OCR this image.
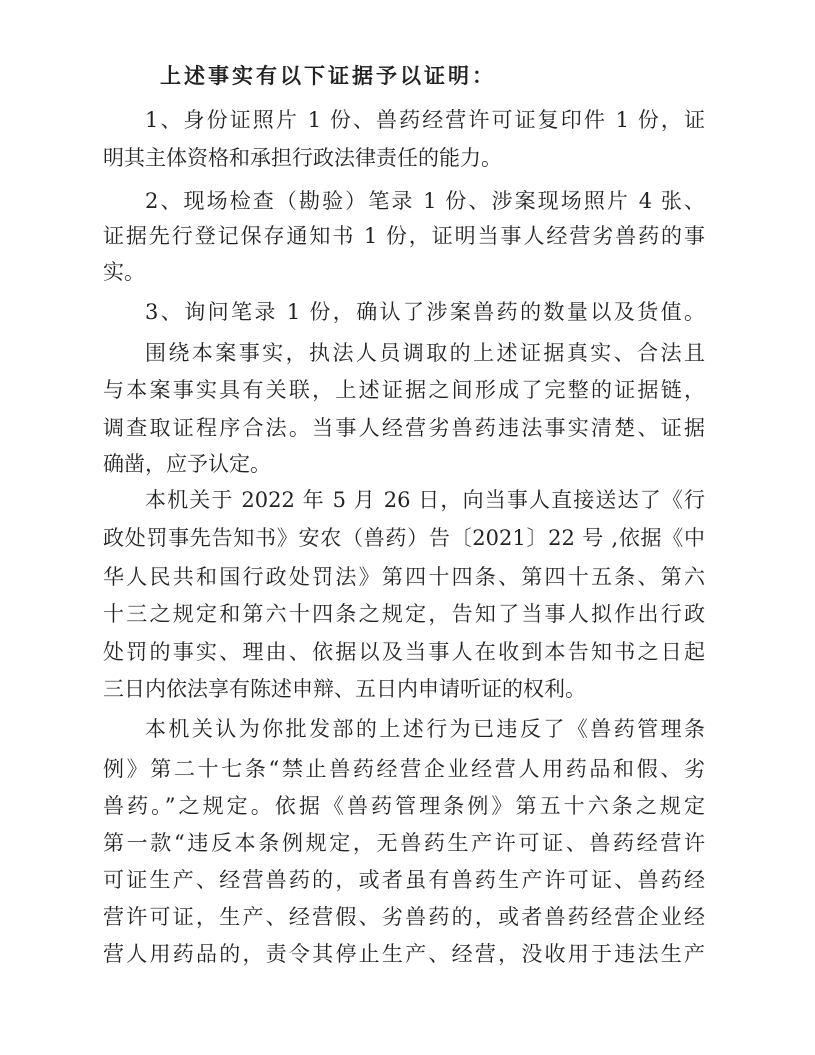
上述事实有以下证据予以证明：
1、身份证照片 1 份、兽药经营许可证复印件 1 份，证
明其主体资格和承担行政法律责任的能力。
2、现场检查（勘验）笔录 1 份、涉案现场照片 4 张、
证据先行登记保存通知书 1 份，证明当事人经营劣兽药的事
实。
3、询问笔录 1 份，确认了涉案兽药的数量以及货值。
围绕本案事实，执法人员调取的上述证据真实、合法且
与本案事实具有关联，上述证据之间形成了完整的证据链，
调查取证程序合法。当事人经营劣兽药违法事实清楚、证据
确凿，应予认定。
本机关于 2022 年 5 月 26 日，向当事人直接送达了《行
政处罚事先告知书》安农（兽药）告〔2021〕22 号 ,依据《中
华人民共和国行政处罚法》第四十四条、第四十五条、第六
十三之规定和第六十四条之规定，告知了当事人拟作出行政
处罚的事实、理由、依据以及当事人在收到本告知书之日起
三日内依法享有陈述申辩、五日内申请听证的权利。
本机关认为你批发部的上述行为已违反了《兽药管理条
例》第二十七条“禁止兽药经营企业经营人用药品和假、劣
兽药。”之规定。依据《兽药管理条例》第五十六条之规定
第一款“违反本条例规定，无兽药生产许可证、兽药经营许
可证生产、经营兽药的，或者虽有兽药生产许可证、兽药经
营许可证，生产、经营假、劣兽药的，或者兽药经营企业经
营人用药品的，责令其停止生产、经营，没收用于违法生产
